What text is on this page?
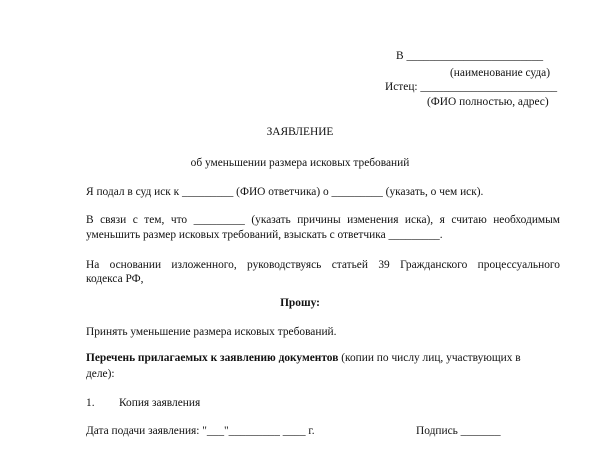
В ________________________
(наименование суда)
Истец: ________________________
(ФИО полностью, адрес)
ЗАЯВЛЕНИЕ
об уменьшении размера исковых требований
Я подал в суд иск к _________ (ФИО ответчика) о _________ (указать, о чем иск).
В связи с тем, что _________ (указать причины изменения иска), я считаю необходимым
уменьшить размер исковых требований, взыскать с ответчика _________.
На основании изложенного, руководствуясь статьей 39 Гражданского процессуального
кодекса РФ,
Прошу:
Принять уменьшение размера исковых требований.
Перечень прилагаемых к заявлению документов (копии по числу лиц, участвующих в
деле):
1. Копия заявления
Дата подачи заявления: "___"_________ ____ г.	Подпись _______
